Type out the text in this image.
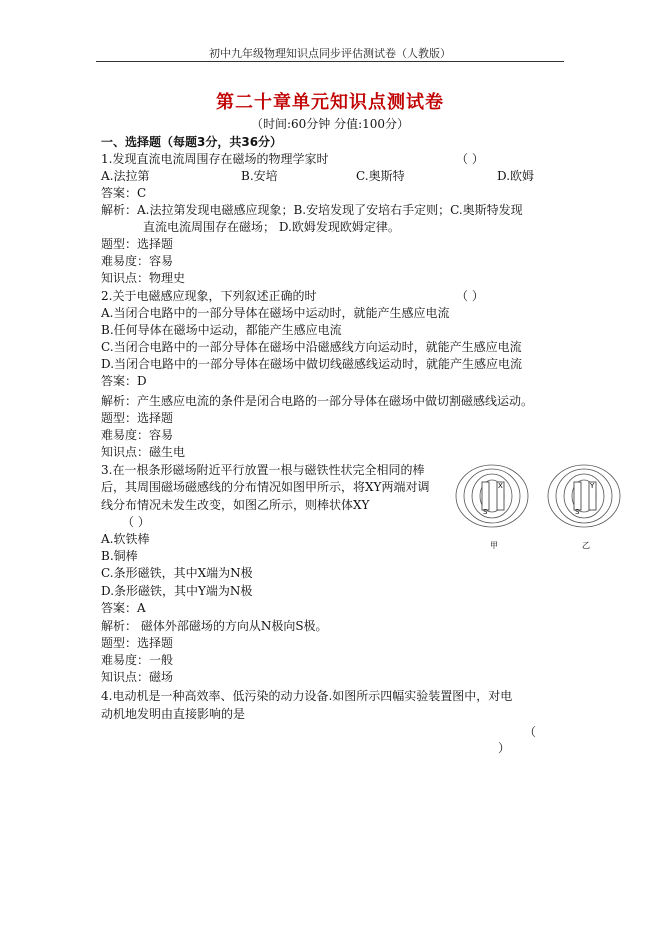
初中九年级物理知识点同步评估测试卷（人教版）
第二十章单元知识点测试卷
（时间:60分钟 分值:100分）
一、选择题（每题3分，共36分）
1.发现直流电流周围存在磁场的物理学家时	（ ）
A.法拉第	B.安培	C.奥斯特	D.欧姆
答案：C
解析：A.法拉第发现电磁感应现象；B.安培发现了安培右手定则；C.奥斯特发现
直流电流周围存在磁场； D.欧姆发现欧姆定律。
题型：选择题
难易度：容易
知识点：物理史
2.关于电磁感应现象，下列叙述正确的时	（ ）
A.当闭合电路中的一部分导体在磁场中运动时，就能产生感应电流
B.任何导体在磁场中运动，都能产生感应电流
C.当闭合电路中的一部分导体在磁场中沿磁感线方向运动时，就能产生感应电流
D.当闭合电路中的一部分导体在磁场中做切线磁感线运动时，就能产生感应电流
答案：D
解析：产生感应电流的条件是闭合电路的一部分导体在磁场中做切割磁感线运动。
题型：选择题
难易度：容易
知识点：磁生电
3.在一根条形磁场附近平行放置一根与磁铁性状完全相同的棒
后，其周围磁场磁感线的分布情况如图甲所示，将XY两端对调
线分布情况未发生改变，如图乙所示，则棒状体XY
（ ）
A.软铁棒
B.铜棒
C.条形磁铁，其中X端为N极
D.条形磁铁，其中Y端为N极
答案：A
解析： 磁体外部磁场的方向从N极向S极。
题型：选择题
难易度：一般
知识点：磁场
S
X
S
Y
甲	乙
4.电动机是一种高效率、低污染的动力设备.如图所示四幅实验装置图中，对电
动机地发明由直接影响的是
（
）
